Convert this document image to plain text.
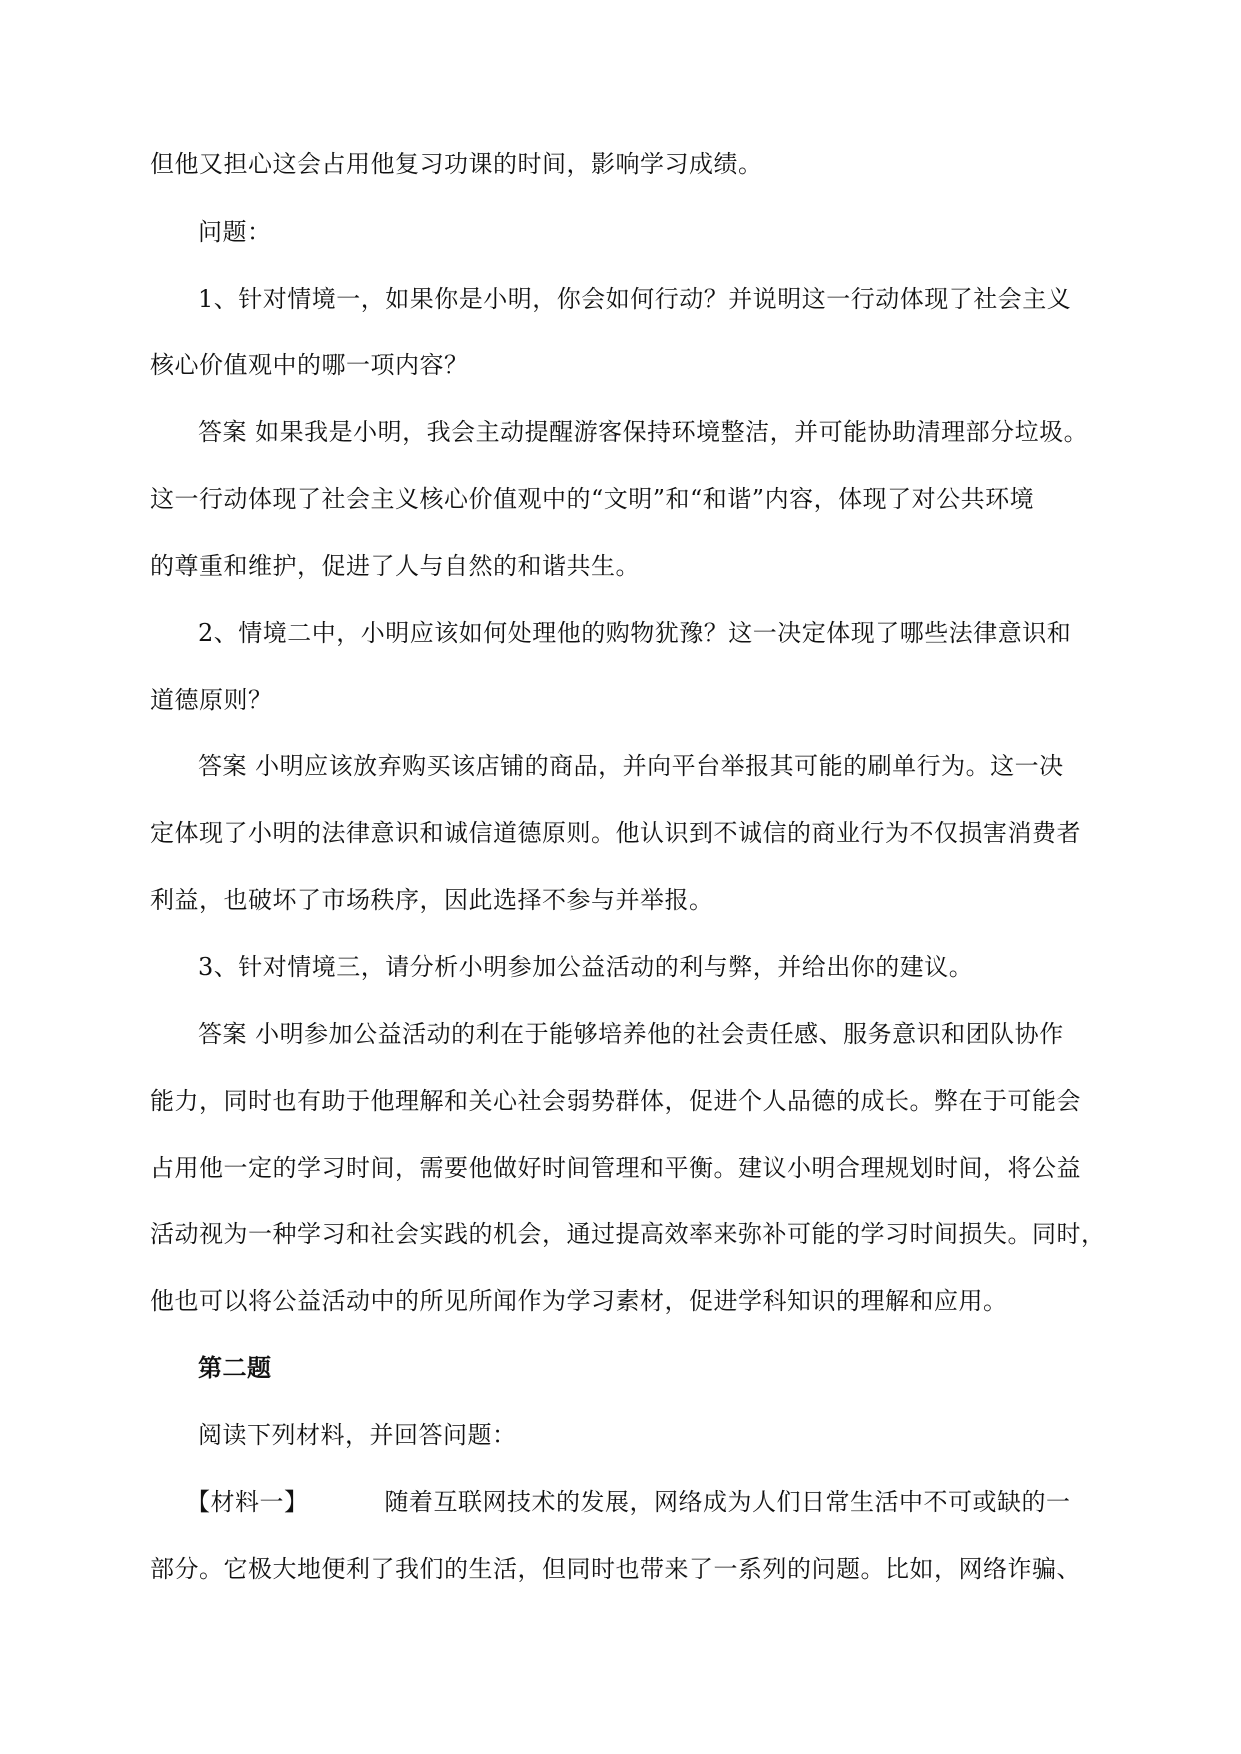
但他又担心这会占用他复习功课的时间，影响学习成绩。
问题：
1、针对情境一，如果你是小明，你会如何行动？并说明这一行动体现了社会主义
核心价值观中的哪一项内容？
答案 如果我是小明，我会主动提醒游客保持环境整洁，并可能协助清理部分垃圾。
这一行动体现了社会主义核心价值观中的“文明”和“和谐”内容，体现了对公共环境
的尊重和维护，促进了人与自然的和谐共生。
2、情境二中，小明应该如何处理他的购物犹豫？这一决定体现了哪些法律意识和
道德原则？
答案 小明应该放弃购买该店铺的商品，并向平台举报其可能的刷单行为。这一决
定体现了小明的法律意识和诚信道德原则。他认识到不诚信的商业行为不仅损害消费者
利益，也破坏了市场秩序，因此选择不参与并举报。
3、针对情境三，请分析小明参加公益活动的利与弊，并给出你的建议。
答案 小明参加公益活动的利在于能够培养他的社会责任感、服务意识和团队协作
能力，同时也有助于他理解和关心社会弱势群体，促进个人品德的成长。弊在于可能会
占用他一定的学习时间，需要他做好时间管理和平衡。建议小明合理规划时间，将公益
活动视为一种学习和社会实践的机会，通过提高效率来弥补可能的学习时间损失。同时，
他也可以将公益活动中的所见所闻作为学习素材，促进学科知识的理解和应用。
第二题
阅读下列材料，并回答问题：
【材料一】	随着互联网技术的发展，网络成为人们日常生活中不可或缺的一
部分。它极大地便利了我们的生活，但同时也带来了一系列的问题。比如，网络诈骗、
